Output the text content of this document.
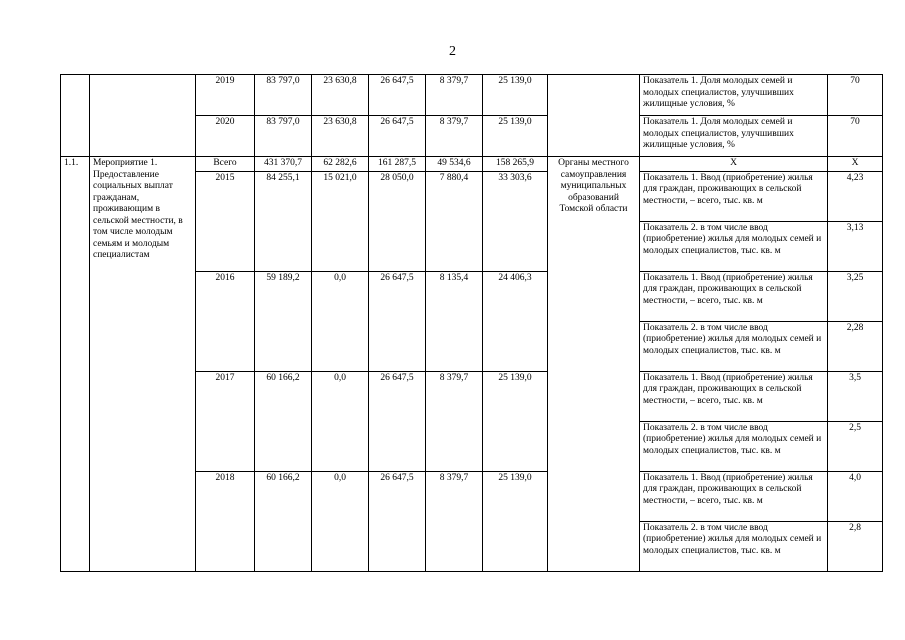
2
		2019	83 797,0	23 630,8	26 647,5	8 379,7	25 139,0		Показатель 1. Доля молодых семей и молодых специалистов, улучшивших жилищные условия, %	70
		2020	83 797,0	23 630,8	26 647,5	8 379,7	25 139,0		Показатель 1. Доля молодых семей и молодых специалистов, улучшивших жилищные условия, %	70
1.1.	Мероприятие 1. Предоставление социальных выплат гражданам, проживающим в сельской местности, в том числе молодым семьям и молодым специалистам	Всего	431 370,7	62 282,6	161 287,5	49 534,6	158 265,9	Органы местного самоуправления муниципальных образований Томской области	X	X
		2015	84 255,1	15 021,0	28 050,0	7 880,4	33 303,6		Показатель 1. Ввод (приобретение) жилья для граждан, проживающих в сельской местности, – всего, тыс. кв. м	4,23
									Показатель 2. в том числе ввод (приобретение) жилья для молодых семей и молодых специалистов, тыс. кв. м	3,13
		2016	59 189,2	0,0	26 647,5	8 135,4	24 406,3		Показатель 1. Ввод (приобретение) жилья для граждан, проживающих в сельской местности, – всего, тыс. кв. м	3,25
									Показатель 2. в том числе ввод (приобретение) жилья для молодых семей и молодых специалистов, тыс. кв. м	2,28
		2017	60 166,2	0,0	26 647,5	8 379,7	25 139,0		Показатель 1. Ввод (приобретение) жилья для граждан, проживающих в сельской местности, – всего, тыс. кв. м	3,5
									Показатель 2. в том числе ввод (приобретение) жилья для молодых семей и молодых специалистов, тыс. кв. м	2,5
		2018	60 166,2	0,0	26 647,5	8 379,7	25 139,0		Показатель 1. Ввод (приобретение) жилья для граждан, проживающих в сельской местности, – всего, тыс. кв. м	4,0
									Показатель 2. в том числе ввод (приобретение) жилья для молодых семей и молодых специалистов, тыс. кв. м	2,8
